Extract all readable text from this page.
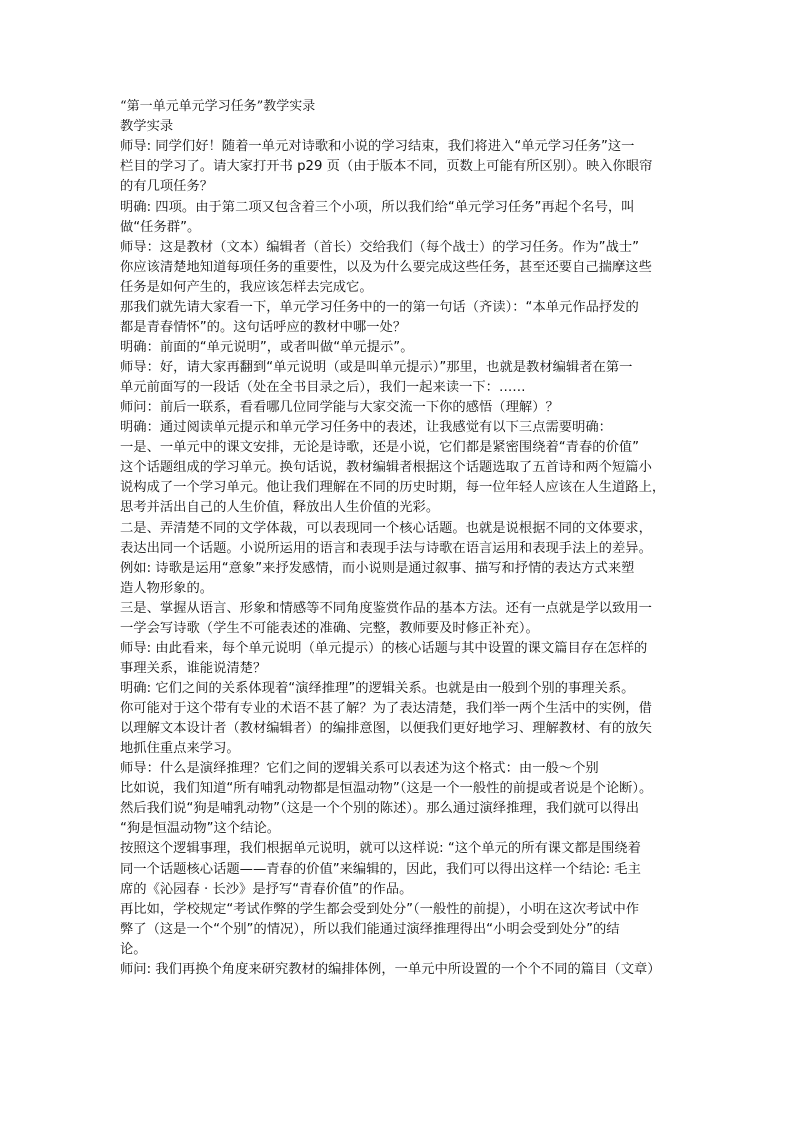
“第一单元单元学习任务”教学实录
教学实录
师导: 同学们好！随着一单元对诗歌和小说的学习结束，我们将进入“单元学习任务”这一
栏目的学习了。请大家打开书 p29 页（由于版本不同，页数上可能有所区别）。映入你眼帘
的有几项任务？
明确: 四项。由于第二项又包含着三个小项，所以我们给“单元学习任务”再起个名号，叫
做“任务群”。
师导：这是教材（文本）编辑者（首长）交给我们（每个战士）的学习任务。作为”战士”
你应该清楚地知道每项任务的重要性，以及为什么要完成这些任务，甚至还要自己揣摩这些
任务是如何产生的，我应该怎样去完成它。
那我们就先请大家看一下，单元学习任务中的一的第一句话（齐读）：“本单元作品抒发的
都是青春情怀”的。这句话呼应的教材中哪一处？
明确：前面的“单元说明”，或者叫做“单元提示”。
师导：好，请大家再翻到“单元说明（或是叫单元提示）”那里，也就是教材编辑者在第一
单元前面写的一段话（处在全书目录之后），我们一起来读一下：……
师问：前后一联系，看看哪几位同学能与大家交流一下你的感悟（理解）？
明确：通过阅读单元提示和单元学习任务中的表述，让我感觉有以下三点需要明确：
一是、一单元中的课文安排，无论是诗歌，还是小说，它们都是紧密围绕着“青春的价值”
这个话题组成的学习单元。换句话说，教材编辑者根据这个话题选取了五首诗和两个短篇小
说构成了一个学习单元。他让我们理解在不同的历史时期，每一位年轻人应该在人生道路上，
思考并活出自己的人生价值，释放出人生价值的光彩。
二是、弄清楚不同的文学体裁，可以表现同一个核心话题。也就是说根据不同的文体要求，
表达出同一个话题。小说所运用的语言和表现手法与诗歌在语言运用和表现手法上的差异。
例如: 诗歌是运用“意象”来抒发感情，而小说则是通过叙事、描写和抒情的表达方式来塑
造人物形象的。
三是、掌握从语言、形象和情感等不同角度鉴赏作品的基本方法。还有一点就是学以致用一
一学会写诗歌（学生不可能表述的准确、完整，教师要及时修正补充）。
师导: 由此看来，每个单元说明（单元提示）的核心话题与其中设置的课文篇目存在怎样的
事理关系，谁能说清楚？
明确: 它们之间的关系体现着“演绎推理”的逻辑关系。也就是由一般到个别的事理关系。
你可能对于这个带有专业的术语不甚了解？为了表达清楚，我们举一两个生活中的实例，借
以理解文本设计者（教材编辑者）的编排意图，以便我们更好地学习、理解教材、有的放矢
地抓住重点来学习。
师导：什么是演绎推理？它们之间的逻辑关系可以表述为这个格式：由一般〜个别
比如说，我们知道“所有哺乳动物都是恒温动物”（这是一个一般性的前提或者说是个论断）。
然后我们说“狗是哺乳动物”（这是一个个别的陈述）。那么通过演绎推理，我们就可以得出
“狗是恒温动物”这个结论。
按照这个逻辑事理，我们根据单元说明，就可以这样说: “这个单元的所有课文都是围绕着
同一个话题核心话题——青春的价值”来编辑的，因此，我们可以得出这样一个结论: 毛主
席的《沁园春 · 长沙》是抒写“青春价值”的作品。
再比如，学校规定“考试作弊的学生都会受到处分”（一般性的前提），小明在这次考试中作
弊了（这是一个“个别”的情况），所以我们能通过演绎推理得出“小明会受到处分”的结
论。
师问: 我们再换个角度来研究教材的编排体例，一单元中所设置的一个个不同的篇目（文章）
